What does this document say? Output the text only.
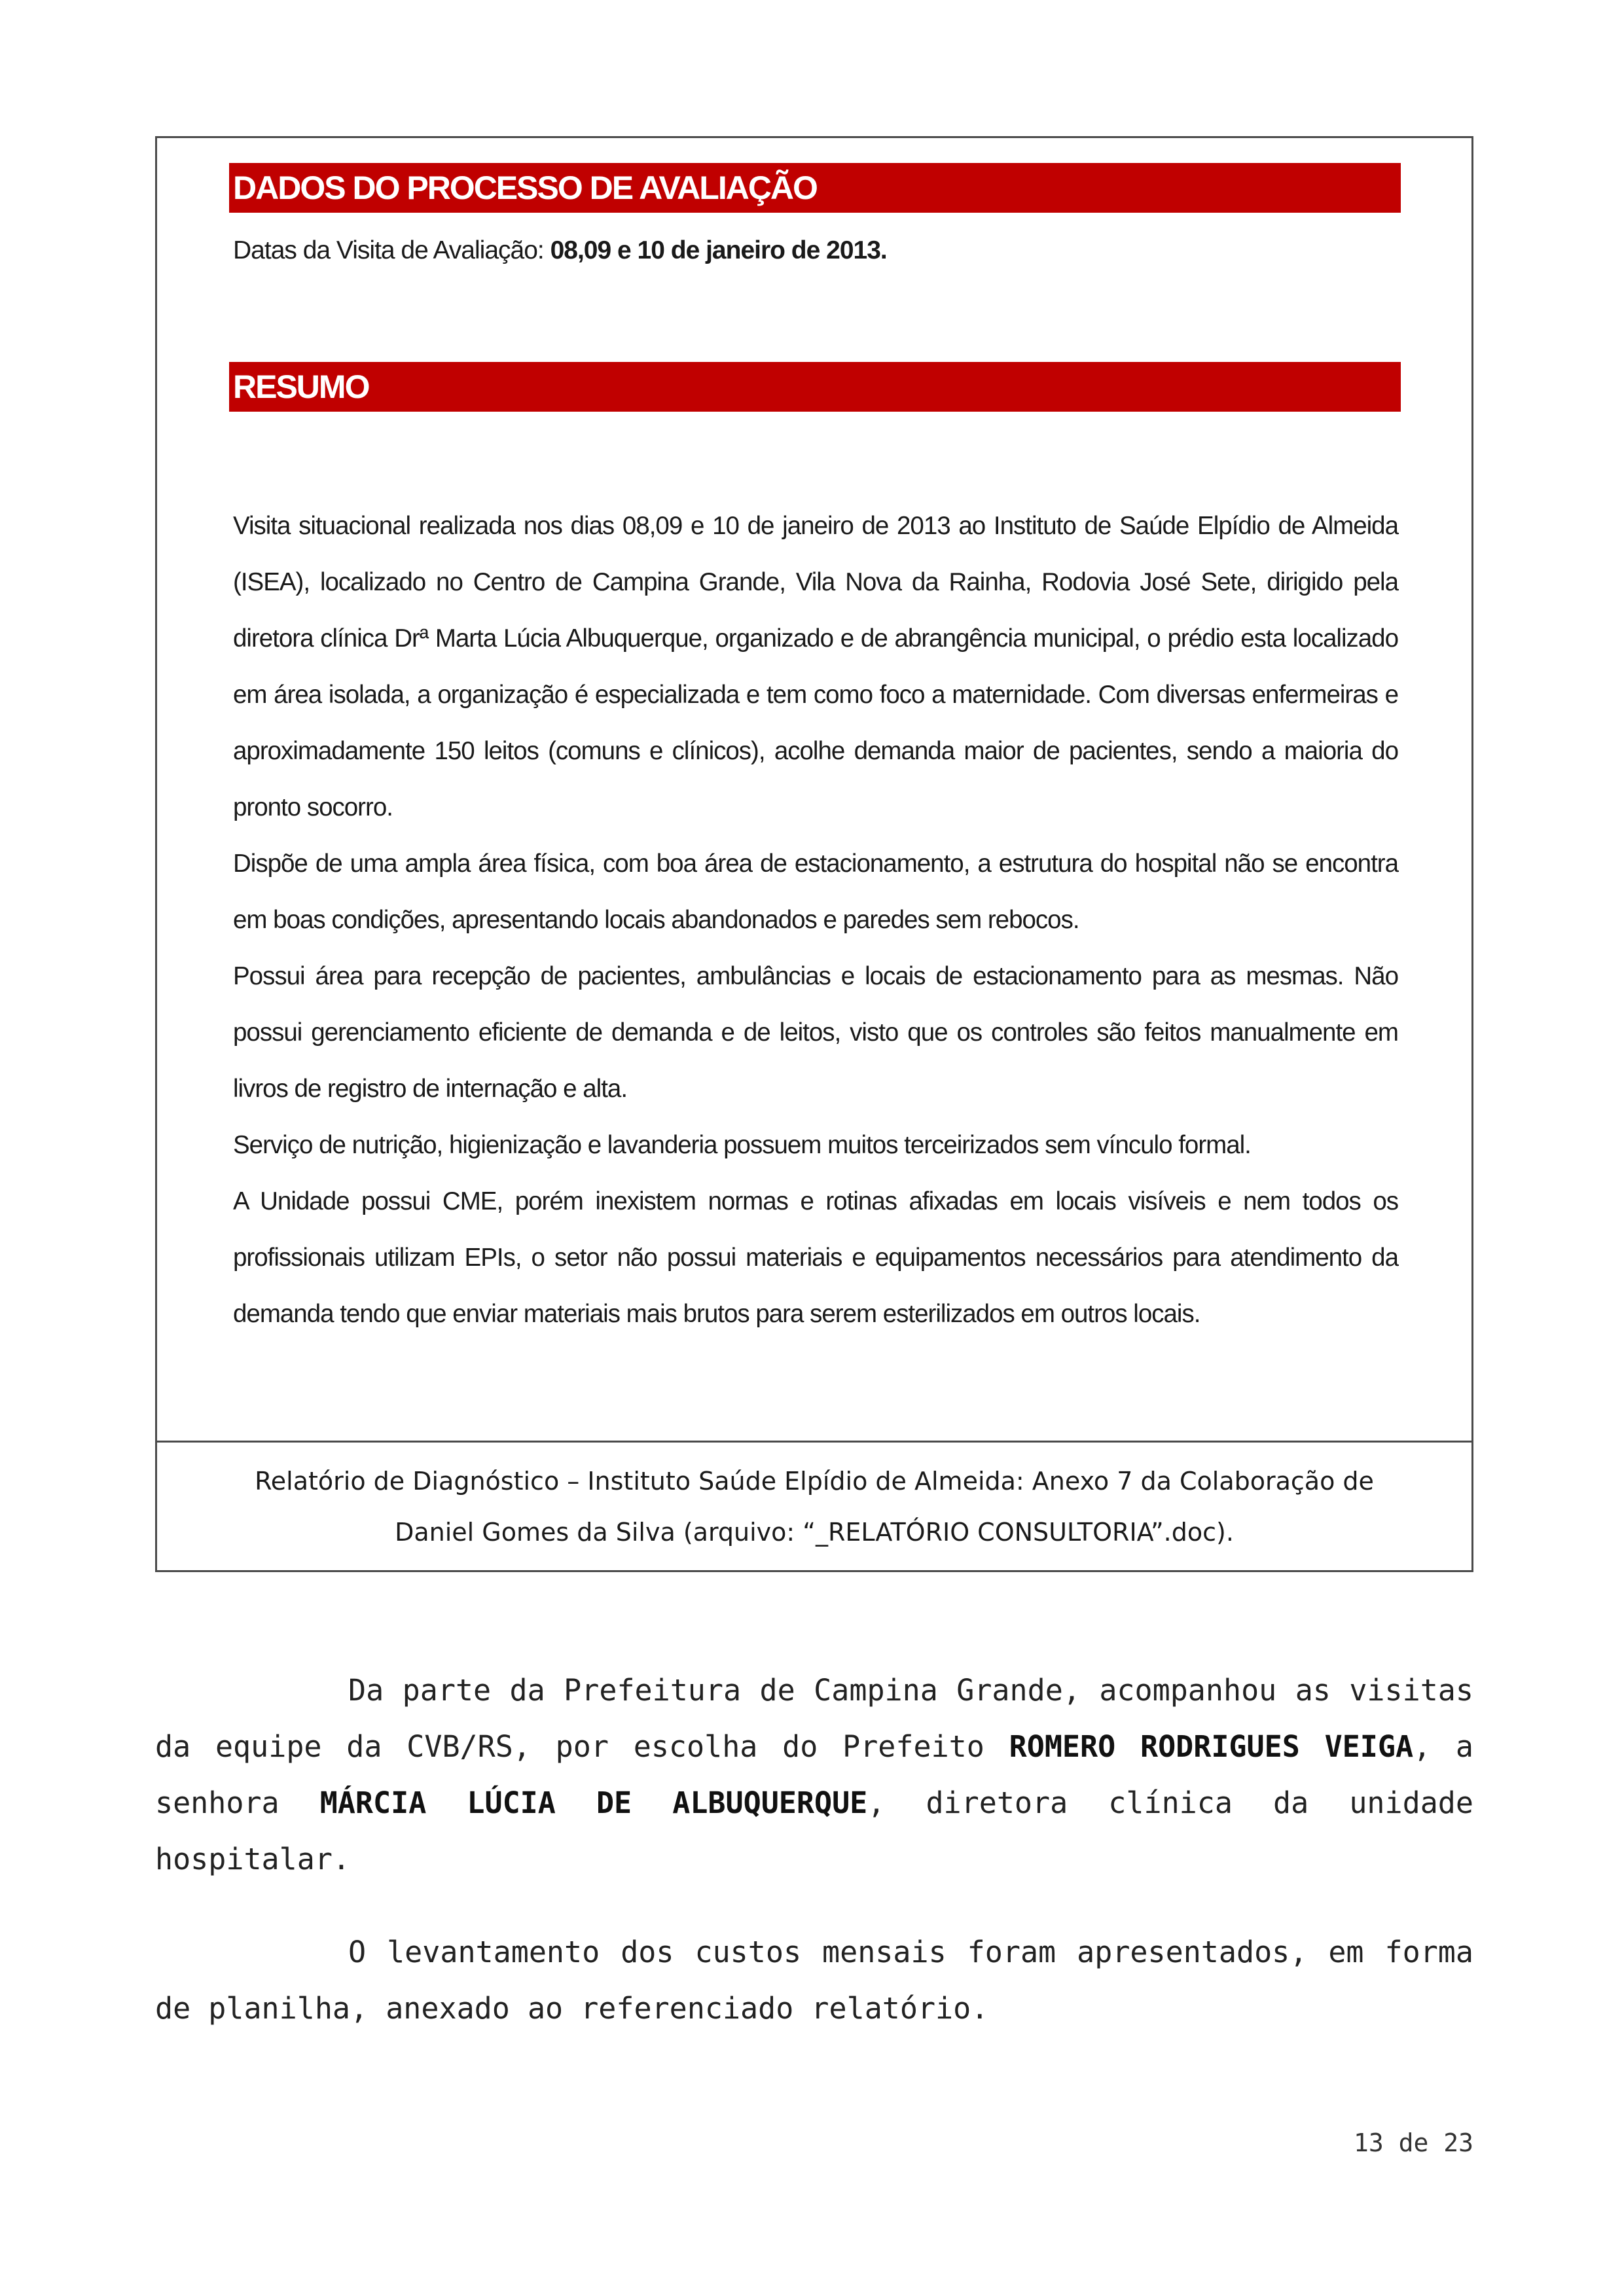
DADOS DO PROCESSO DE AVALIAÇÃO
Datas da Visita de Avaliação: 08,09 e 10 de janeiro de 2013.
RESUMO

Visita situacional realizada nos dias 08,09 e 10 de janeiro de 2013 ao Instituto de Saúde Elpídio de Almeida (ISEA), localizado no Centro de Campina Grande, Vila Nova da Rainha, Rodovia José Sete, dirigido pela diretora clínica Drª Marta Lúcia Albuquerque, organizado e de abrangência municipal, o prédio esta localizado em área isolada, a organização é especializada e tem como foco a maternidade. Com diversas enfermeiras e aproximadamente 150 leitos (comuns e clínicos), acolhe demanda maior de pacientes, sendo a maioria do pronto socorro.

Dispõe de uma ampla área física, com boa área de estacionamento, a estrutura do hospital não se encontra em boas condições, apresentando locais abandonados e paredes sem rebocos.

Possui área para recepção de pacientes, ambulâncias e locais de estacionamento para as mesmas. Não possui gerenciamento eficiente de demanda e de leitos, visto que os controles são feitos manualmente em livros de registro de internação e alta.

Serviço de nutrição, higienização e lavanderia possuem muitos terceirizados sem vínculo formal.

A Unidade possui CME, porém inexistem normas e rotinas afixadas em locais visíveis e nem todos os profissionais utilizam EPIs, o setor não possui materiais e equipamentos necessários para atendimento da demanda tendo que enviar materiais mais brutos para serem esterilizados em outros locais.

Relatório de Diagnóstico – Instituto Saúde Elpídio de Almeida: Anexo 7 da Colaboração de
Daniel Gomes da Silva (arquivo: “_RELATÓRIO CONSULTORIA”.doc).

Da parte da Prefeitura de Campina Grande, acompanhou as visitas da equipe da CVB/RS, por escolha do Prefeito ROMERO RODRIGUES VEIGA, a senhora MÁRCIA LÚCIA DE ALBUQUERQUE, diretora clínica da unidade hospitalar.

O levantamento dos custos mensais foram apresentados, em forma de planilha, anexado ao referenciado relatório.

13 de 23
